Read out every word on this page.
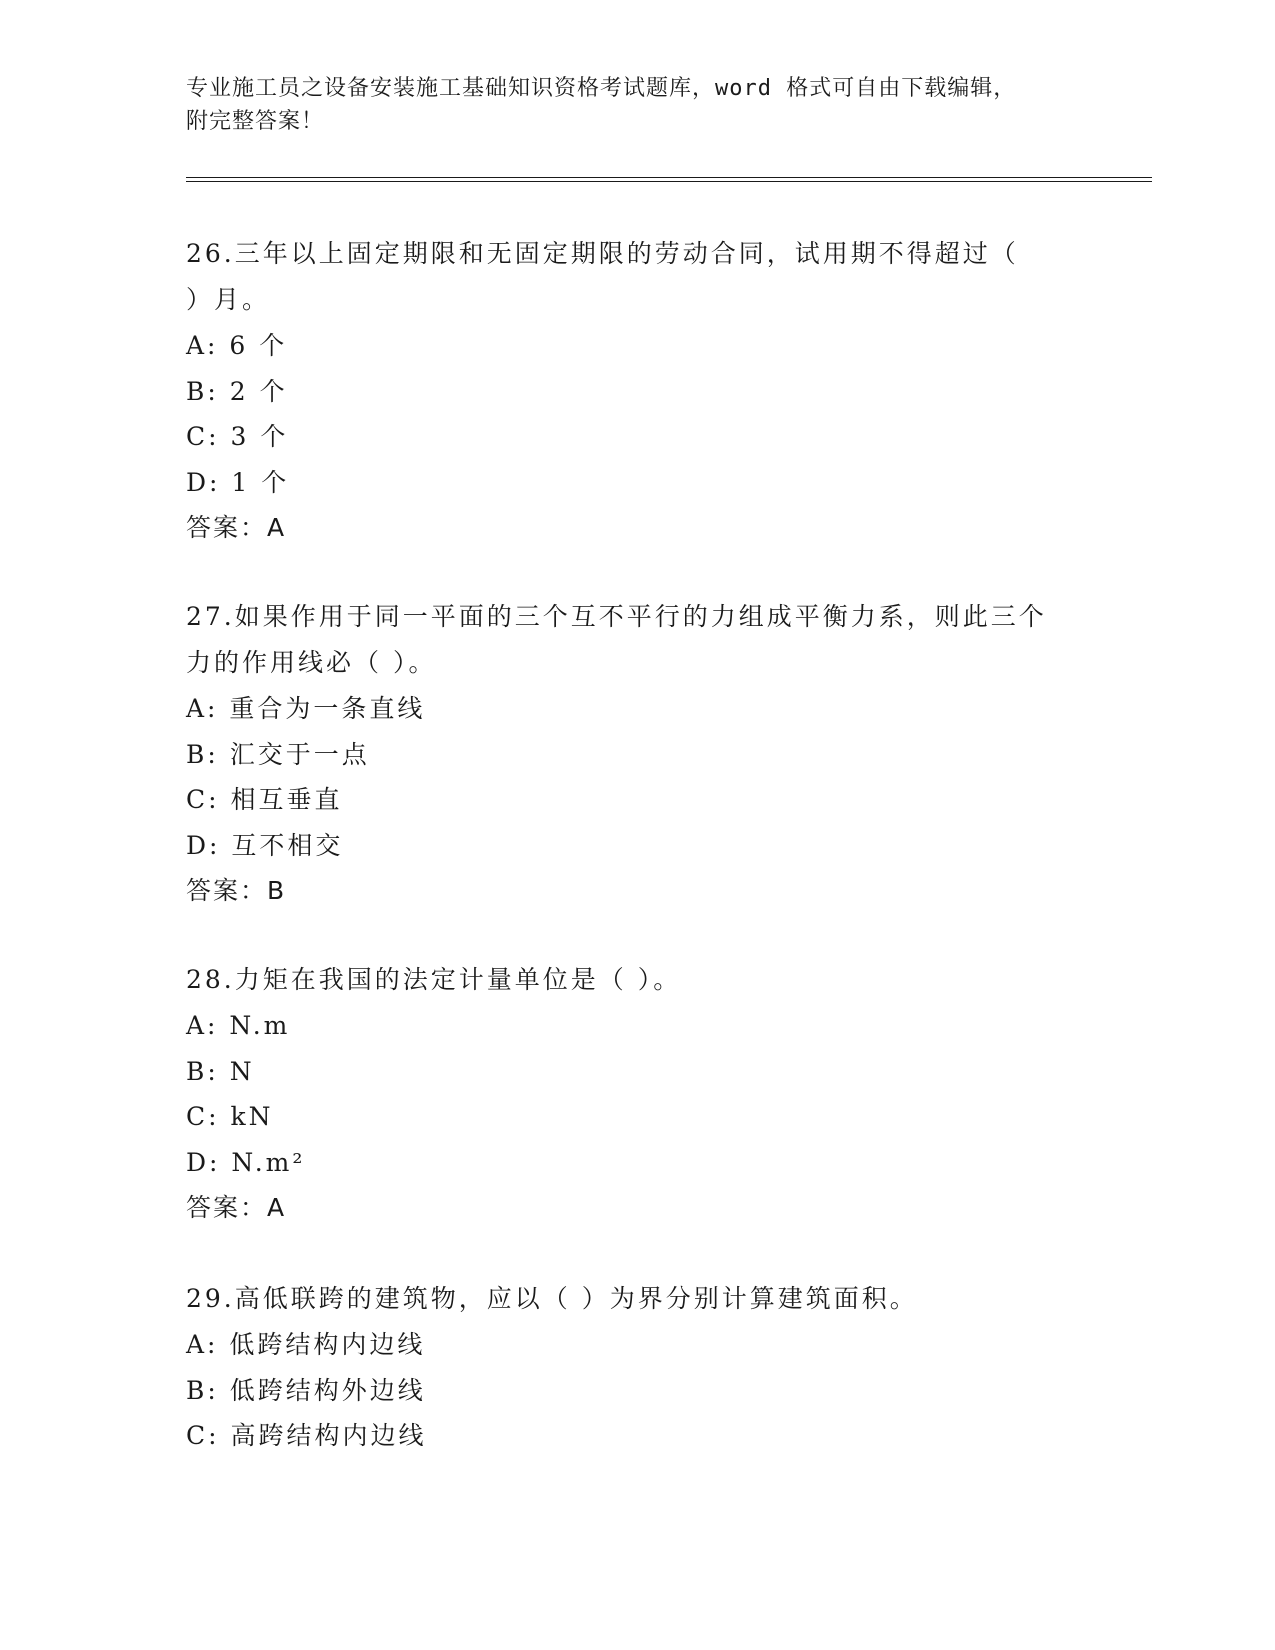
专业施工员之设备安装施工基础知识资格考试题库，word 格式可自由下载编辑，
附完整答案！

26.三年以上固定期限和无固定期限的劳动合同，试用期不得超过（

）月。

A: 6 个

B: 2 个

C: 3 个

D: 1 个

答案：A

27.如果作用于同一平面的三个互不平行的力组成平衡力系，则此三个

力的作用线必（ ）。

A: 重合为一条直线

B: 汇交于一点

C: 相互垂直

D: 互不相交

答案：B

28.力矩在我国的法定计量单位是（ ）。

A: N.m

B: N

C: kN

D: N.m²

答案：A

29.高低联跨的建筑物，应以（ ）为界分别计算建筑面积。

A: 低跨结构内边线

B: 低跨结构外边线

C: 高跨结构内边线
